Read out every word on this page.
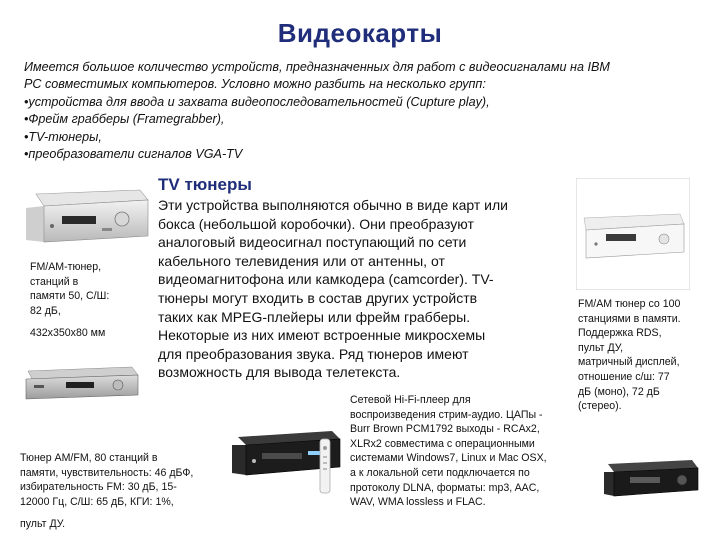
Видеокарты
Имеется большое количество устройств, предназначенных для работ с видеосигналами на IBM
PC совместимых компьютеров. Условно можно разбить на несколько групп:
•устройства для ввода и захвата видеопоследовательностей (Cupture play),
•Фрейм грабберы (Framegrabber),
•TV-тюнеры,
•преобразователи сигналов VGA-TV
TV тюнеры
Эти устройства выполняются обычно в виде карт или
бокса (небольшой коробочки). Они преобразуют
аналоговый видеосигнал поступающий по сети
кабельного телевидения или от антенны, от
видеомагнитофона или камкодера (camcorder). TV-
тюнеры могут входить в состав других устройств
таких как MPEG-плейеры или фрейм грабберы.
Некоторые из них имеют встроенные микросхемы
для преобразования звука. Ряд тюнеров имеют
возможность для вывода телетекста.
FM/AM-тюнер,
станций в
памяти 50, С/Ш:
82 дБ,
432x350x80 мм
FM/AM тюнер со 100
станциями в памяти.
Поддержка RDS,
пульт ДУ,
матричный дисплей,
отношение с/ш: 77
дБ (моно), 72 дБ
(стерео).
Тюнер AM/FM, 80 станций в
памяти, чувствительность: 46 дБФ,
избирательность FM: 30 дБ, 15-
12000 Гц, С/Ш: 65 дБ, КГИ: 1%,
пульт ДУ.
Сетевой Hi-Fi-плеер для
воспроизведения стрим-аудио. ЦАПы -
Burr Brown PCM1792 выходы - RCAx2,
XLRx2 совместима с операционными
системами Windows7, Linux и Mac OSX,
а к локальной сети подключается по
протоколу DLNA, форматы: mp3, AAC,
WAV, WMA lossless и FLAC.
